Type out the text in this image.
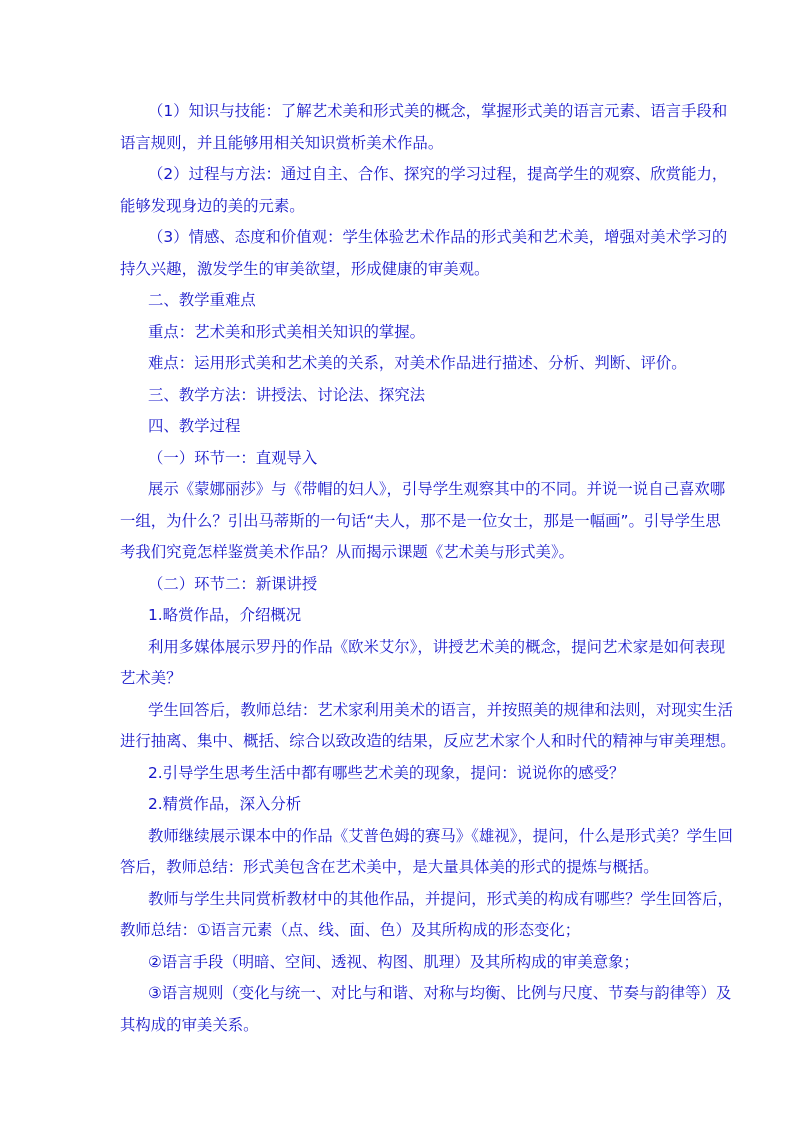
（1）知识与技能：了解艺术美和形式美的概念，掌握形式美的语言元素、语言手段和
语言规则，并且能够用相关知识赏析美术作品。
（2）过程与方法：通过自主、合作、探究的学习过程，提高学生的观察、欣赏能力，
能够发现身边的美的元素。
（3）情感、态度和价值观：学生体验艺术作品的形式美和艺术美，增强对美术学习的
持久兴趣，激发学生的审美欲望，形成健康的审美观。
二、教学重难点
重点：艺术美和形式美相关知识的掌握。
难点：运用形式美和艺术美的关系，对美术作品进行描述、分析、判断、评价。
三、教学方法：讲授法、讨论法、探究法
四、教学过程
（一）环节一：直观导入
展示《蒙娜丽莎》与《带帽的妇人》，引导学生观察其中的不同。并说一说自己喜欢哪
一组，为什么？引出马蒂斯的一句话“夫人，那不是一位女士，那是一幅画”。引导学生思
考我们究竟怎样鉴赏美术作品？从而揭示课题《艺术美与形式美》。
（二）环节二：新课讲授
1.略赏作品，介绍概况
利用多媒体展示罗丹的作品《欧米艾尔》，讲授艺术美的概念，提问艺术家是如何表现
艺术美？
学生回答后，教师总结：艺术家利用美术的语言，并按照美的规律和法则，对现实生活
进行抽离、集中、概括、综合以致改造的结果，反应艺术家个人和时代的精神与审美理想。
2.引导学生思考生活中都有哪些艺术美的现象，提问：说说你的感受？
2.精赏作品，深入分析
教师继续展示课本中的作品《艾普色姆的赛马》《雄视》，提问，什么是形式美？学生回
答后，教师总结：形式美包含在艺术美中，是大量具体美的形式的提炼与概括。
教师与学生共同赏析教材中的其他作品，并提问，形式美的构成有哪些？学生回答后，
教师总结：①语言元素（点、线、面、色）及其所构成的形态变化；
②语言手段（明暗、空间、透视、构图、肌理）及其所构成的审美意象；
③语言规则（变化与统一、对比与和谐、对称与均衡、比例与尺度、节奏与韵律等）及
其构成的审美关系。
